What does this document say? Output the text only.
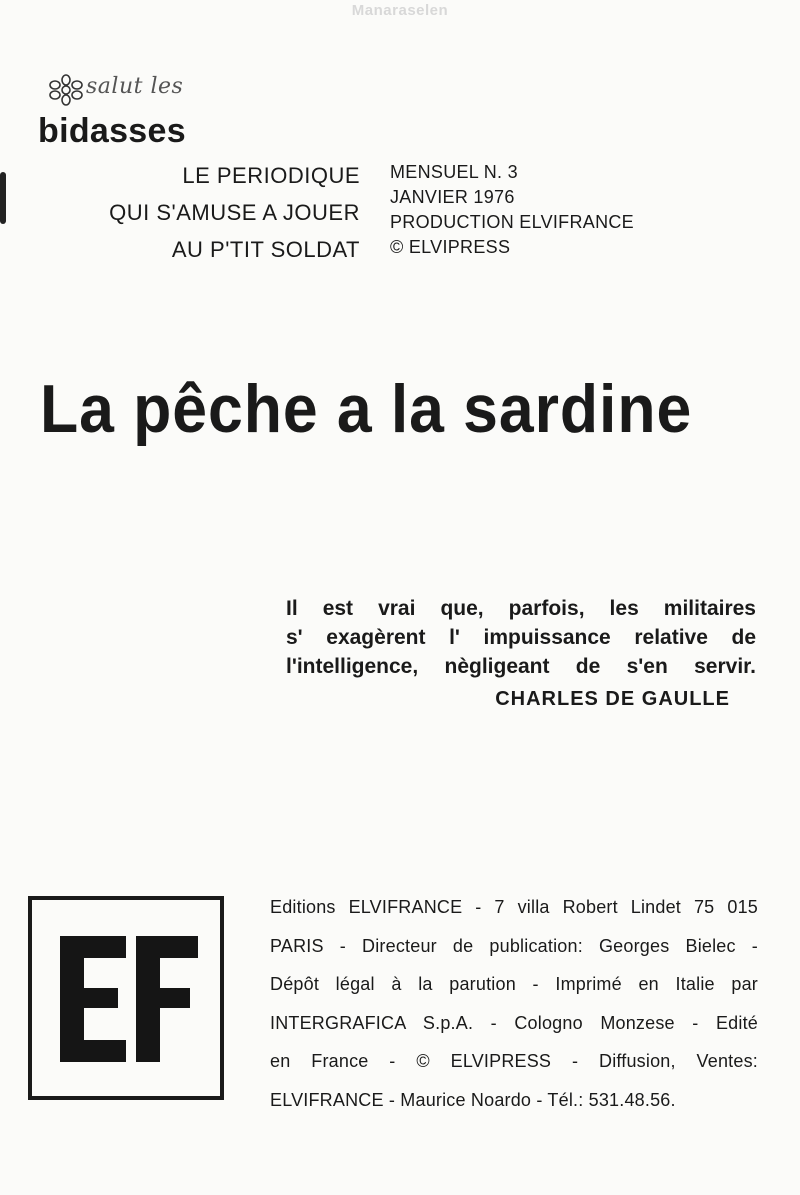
Manaraselen
salut les
bidasses
LE PERIODIQUE
QUI S'AMUSE A JOUER
AU P'TIT SOLDAT
MENSUEL N. 3
JANVIER 1976
PRODUCTION ELVIFRANCE
© ELVIPRESS
La pêche a la sardine
Il est vrai que, parfois, les militaires
s' exagèrent l' impuissance relative de
l'intelligence, nègligeant de s'en servir.
CHARLES DE GAULLE
Editions ELVIFRANCE - 7 villa Robert Lindet 75 015
PARIS - Directeur de publication: Georges Bielec -
Dépôt légal à la parution - Imprimé en Italie par
INTERGRAFICA S.p.A. - Cologno Monzese - Edité
en France - © ELVIPRESS - Diffusion, Ventes:
ELVIFRANCE - Maurice Noardo - Tél.: 531.48.56.
